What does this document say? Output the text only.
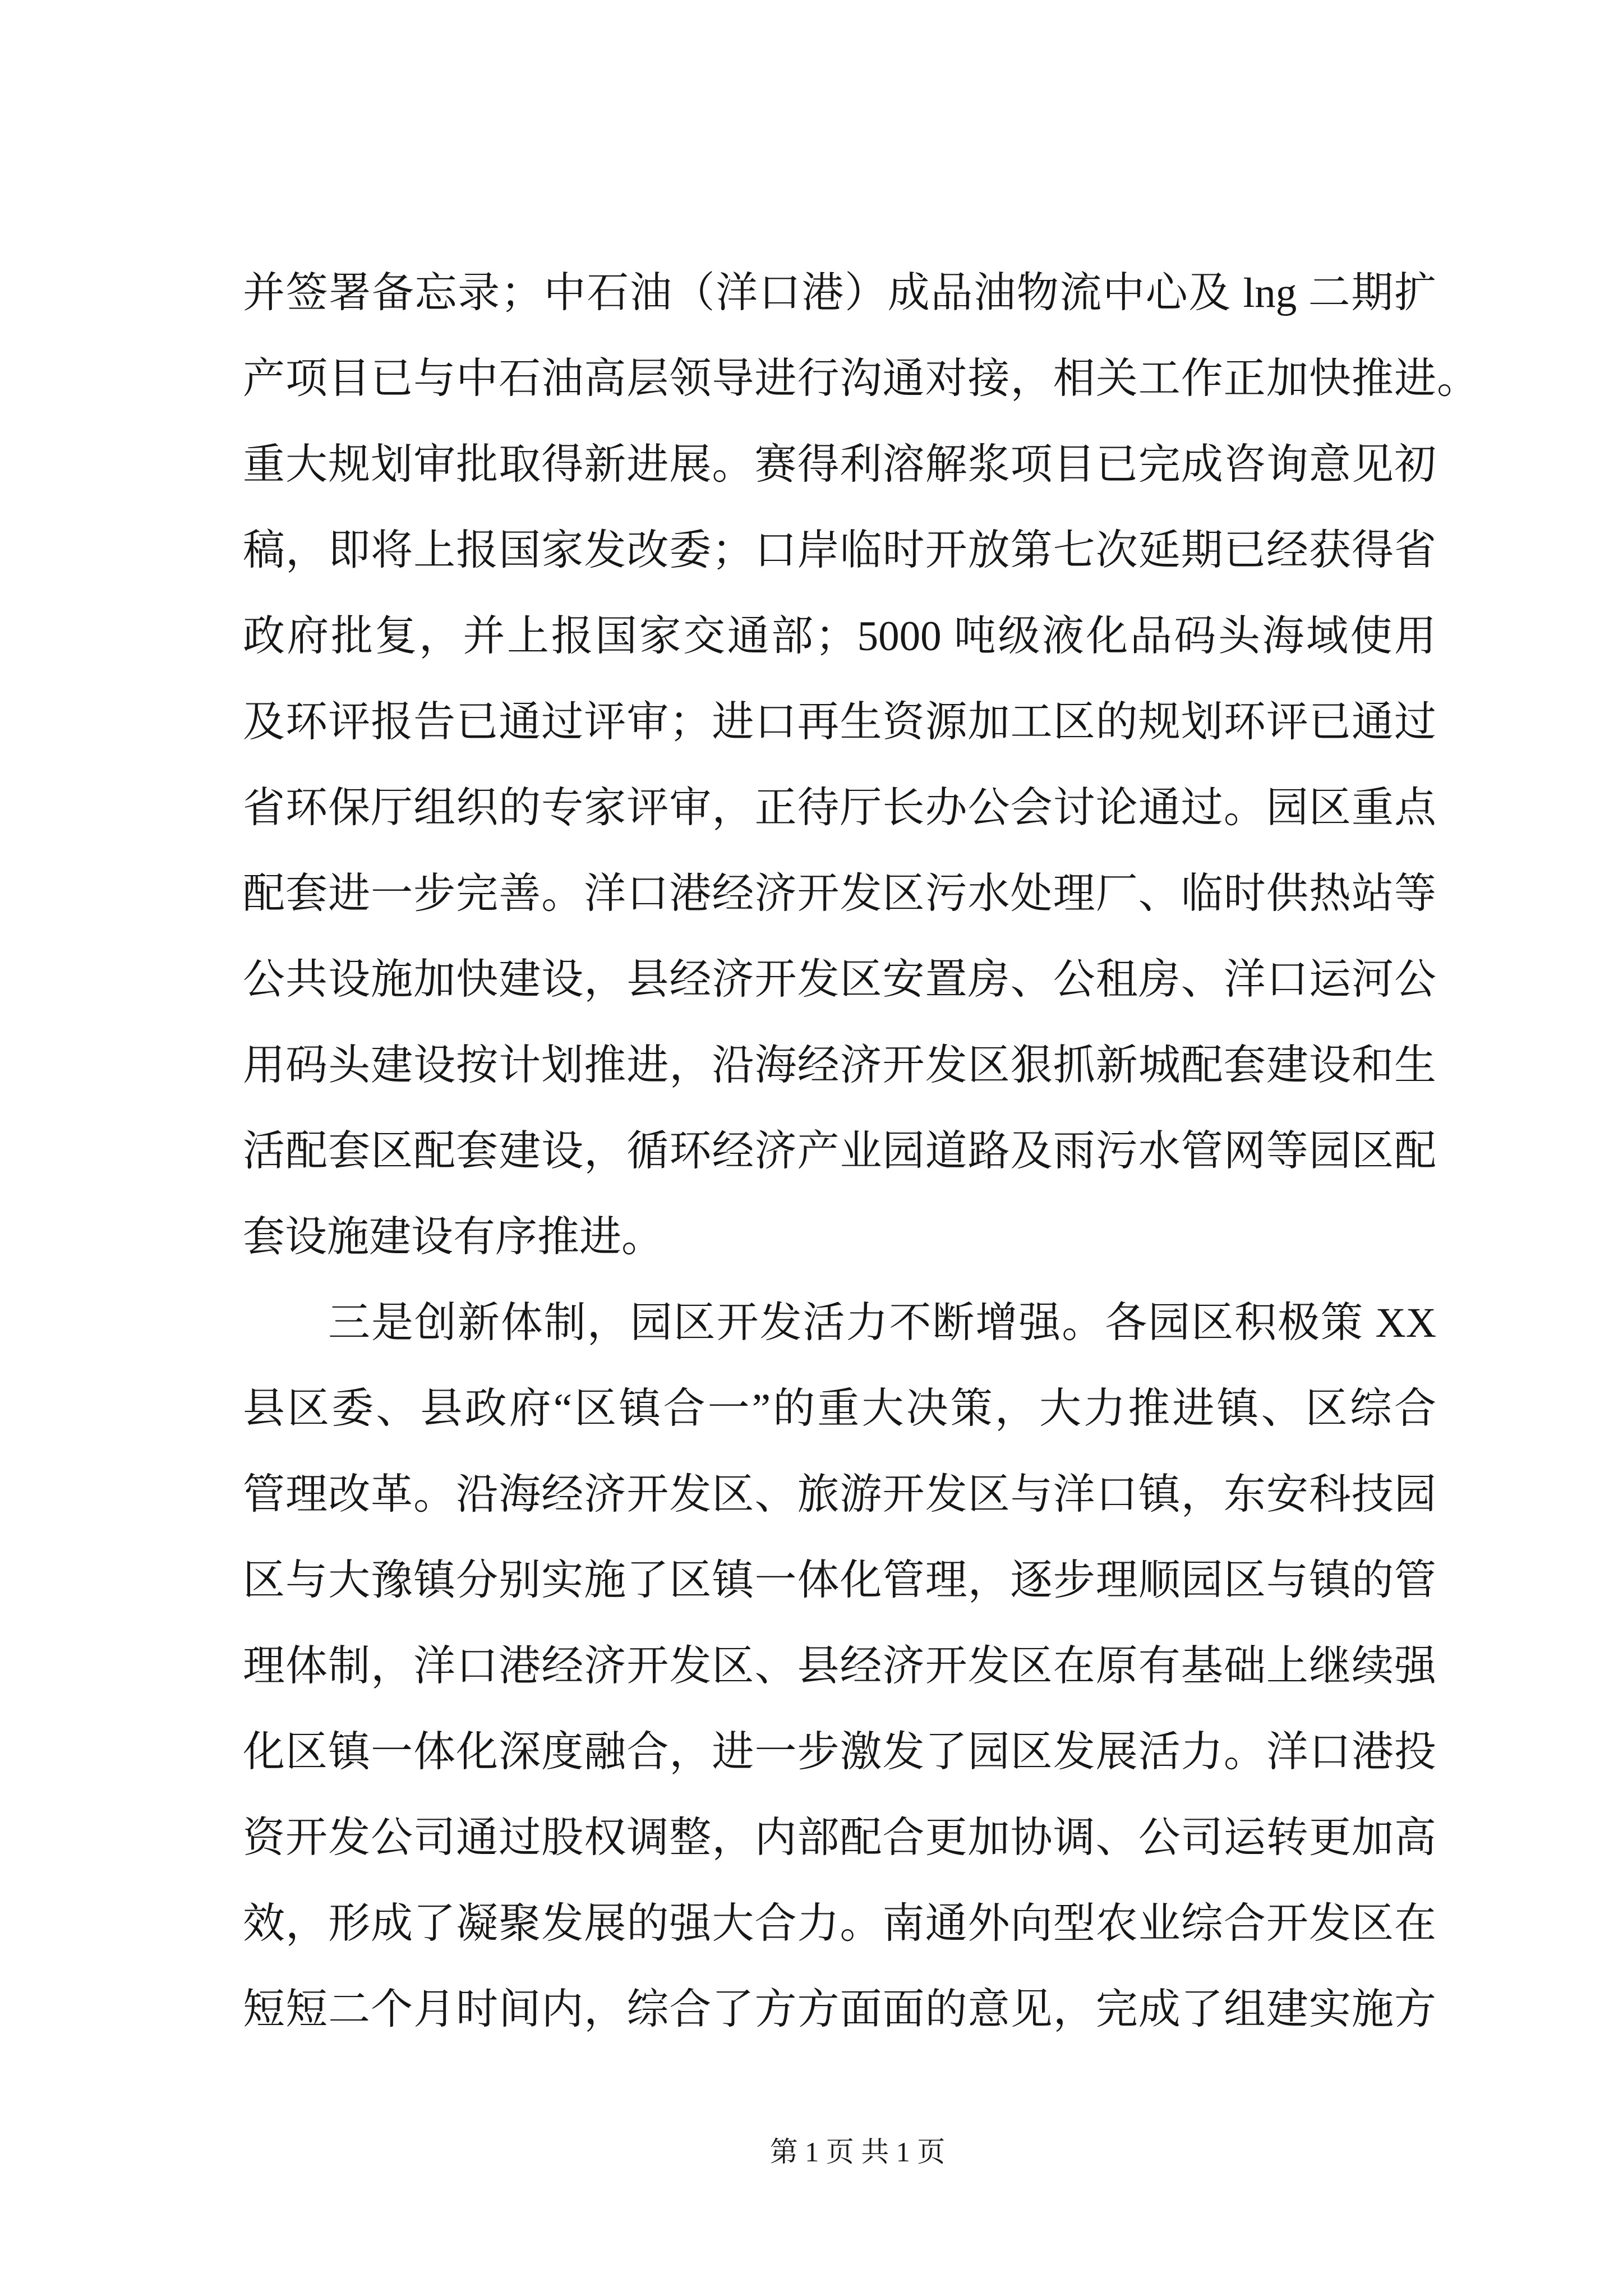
并签署备忘录；中石油（洋口港）成品油物流中心及 lng 二期扩
产项目已与中石油高层领导进行沟通对接，相关工作正加快推进。
重大规划审批取得新进展。赛得利溶解浆项目已完成咨询意见初
稿，即将上报国家发改委；口岸临时开放第七次延期已经获得省
政府批复，并上报国家交通部；5000 吨级液化品码头海域使用
及环评报告已通过评审；进口再生资源加工区的规划环评已通过
省环保厅组织的专家评审，正待厅长办公会讨论通过。园区重点
配套进一步完善。洋口港经济开发区污水处理厂、临时供热站等
公共设施加快建设，县经济开发区安置房、公租房、洋口运河公
用码头建设按计划推进，沿海经济开发区狠抓新城配套建设和生
活配套区配套建设，循环经济产业园道路及雨污水管网等园区配
套设施建设有序推进。
三是创新体制，园区开发活力不断增强。各园区积极策 XX
县区委、县政府“区镇合一”的重大决策，大力推进镇、区综合
管理改革。沿海经济开发区、旅游开发区与洋口镇，东安科技园
区与大豫镇分别实施了区镇一体化管理，逐步理顺园区与镇的管
理体制，洋口港经济开发区、县经济开发区在原有基础上继续强
化区镇一体化深度融合，进一步激发了园区发展活力。洋口港投
资开发公司通过股权调整，内部配合更加协调、公司运转更加高
效，形成了凝聚发展的强大合力。南通外向型农业综合开发区在
短短二个月时间内，综合了方方面面的意见，完成了组建实施方
第 1 页 共 1 页
